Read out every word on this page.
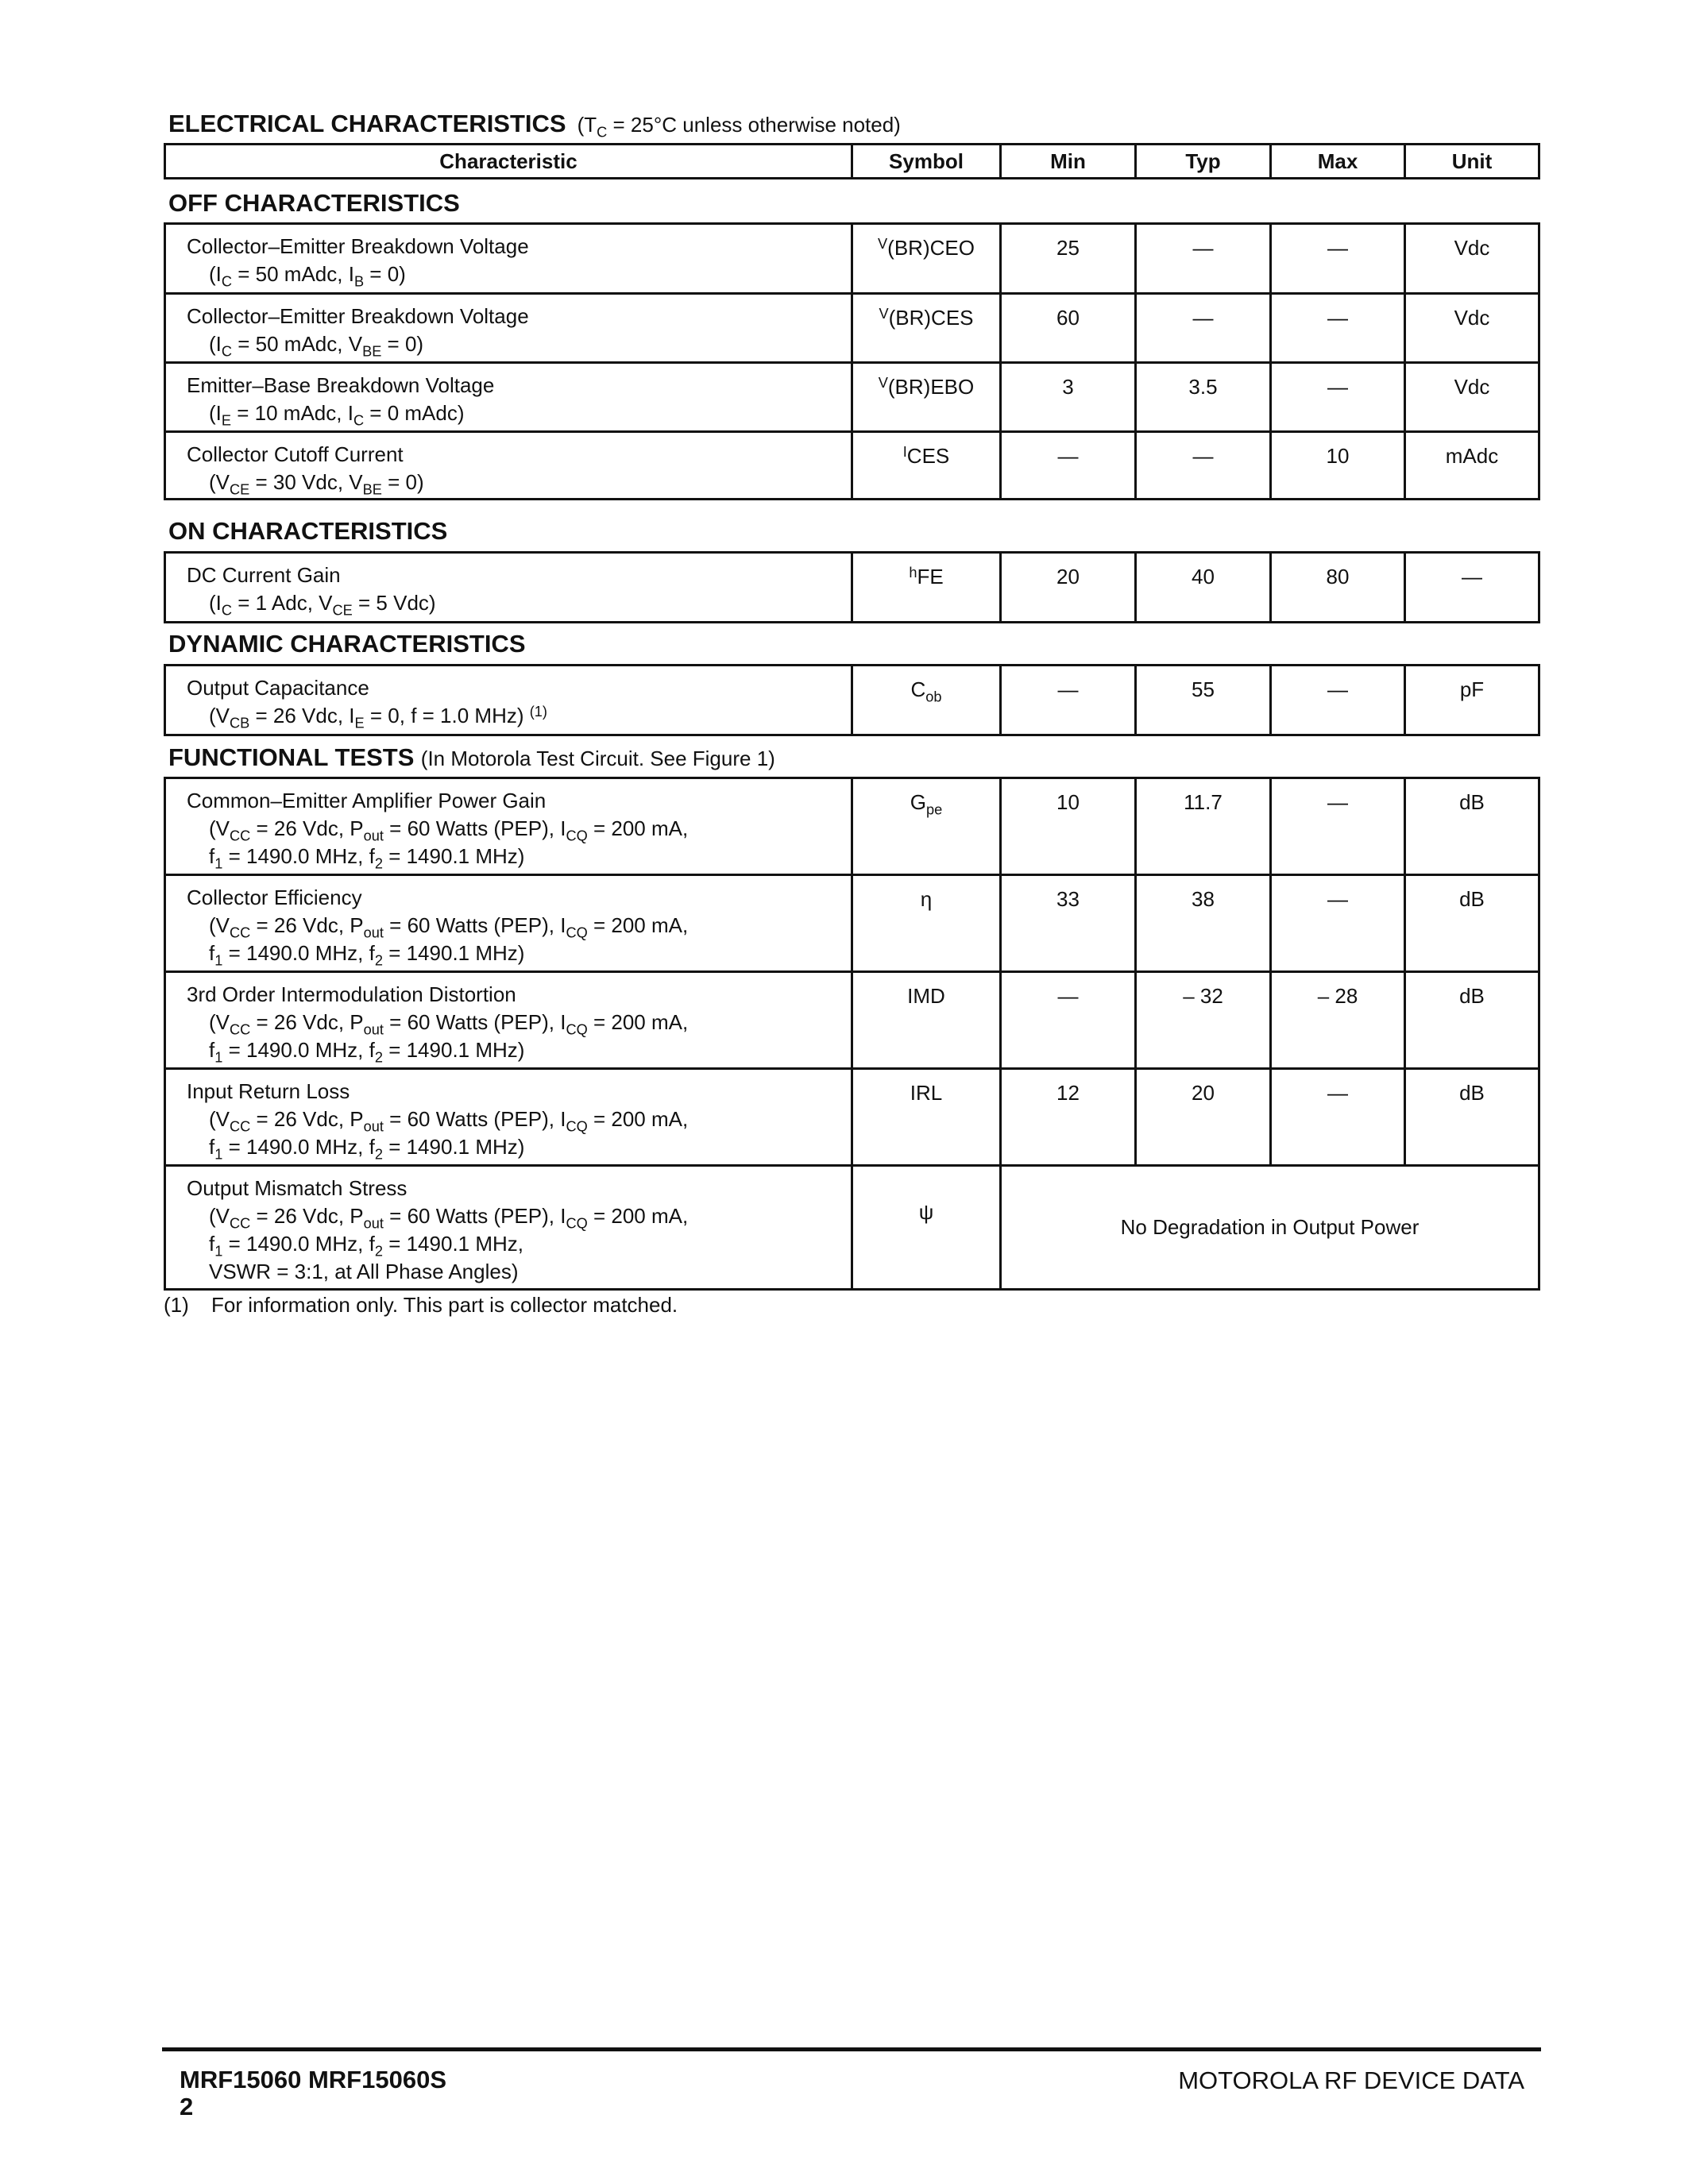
ELECTRICAL CHARACTERISTICS ($T_C = 25^\circ C$ unless otherwise noted)
Characteristic	Symbol	Min	Typ	Max	Unit
OFF CHARACTERISTICS
Collector–Emitter Breakdown Voltage
($I_C = 50$ mAdc, $I_B = 0$)	$^V$(BR)CEO	25	—	—	Vdc
Collector–Emitter Breakdown Voltage
($I_C = 50$ mAdc, $V_{BE} = 0$)	$^V$(BR)CES	60	—	—	Vdc
Emitter–Base Breakdown Voltage
($I_E = 10$ mAdc, $I_C = 0$ mAdc)	$^V$(BR)EBO	3	3.5	—	Vdc
Collector Cutoff Current
($V_{CE} = 30$ Vdc, $V_{BE} = 0$)	$^I$CES	—	—	10	mAdc
ON CHARACTERISTICS
DC Current Gain
($I_C = 1$ Adc, $V_{CE} = 5$ Vdc)
	$^h$FE	20	40	80	—
DYNAMIC CHARACTERISTICS
Output Capacitance
($V_{CB} = 26$ Vdc, $I_E = 0$, f = 1.0 MHz) $^{(1)}$
	$C_{ob}$	—	55	—	pF
FUNCTIONAL TESTS (In Motorola Test Circuit. See Figure 1)
Common–Emitter Amplifier Power Gain
($V_{CC} = 26$ Vdc, $P_{out} = 60$ Watts (PEP), $I_{CQ} = 200$ mA,
$f_1 = 1490.0$ MHz, $f_2 = 1490.1$ MHz)	$G_{pe}$	10	11.7	—	dB
Collector Efficiency
($V_{CC} = 26$ Vdc, $P_{out} = 60$ Watts (PEP), $I_{CQ} = 200$ mA,
$f_1 = 1490.0$ MHz, $f_2 = 1490.1$ MHz)	η	33	38	—	dB
3rd Order Intermodulation Distortion
($V_{CC} = 26$ Vdc, $P_{out} = 60$ Watts (PEP), $I_{CQ} = 200$ mA,
$f_1 = 1490.0$ MHz, $f_2 = 1490.1$ MHz)	IMD	—	– 32	– 28	dB
Input Return Loss
($V_{CC} = 26$ Vdc, $P_{out} = 60$ Watts (PEP), $I_{CQ} = 200$ mA,
$f_1 = 1490.0$ MHz, $f_2 = 1490.1$ MHz)	IRL	12	20	—	dB
Output Mismatch Stress
($V_{CC} = 26$ Vdc, $P_{out} = 60$ Watts (PEP), $I_{CQ} = 200$ mA,
$f_1 = 1490.0$ MHz, $f_2 = 1490.1$ MHz,
VSWR = 3:1, at All Phase Angles)	ψ	No Degradation in Output Power			
(1) For information only. This part is collector matched.
MRF15060 MRF15060S
2
MOTOROLA RF DEVICE DATA
